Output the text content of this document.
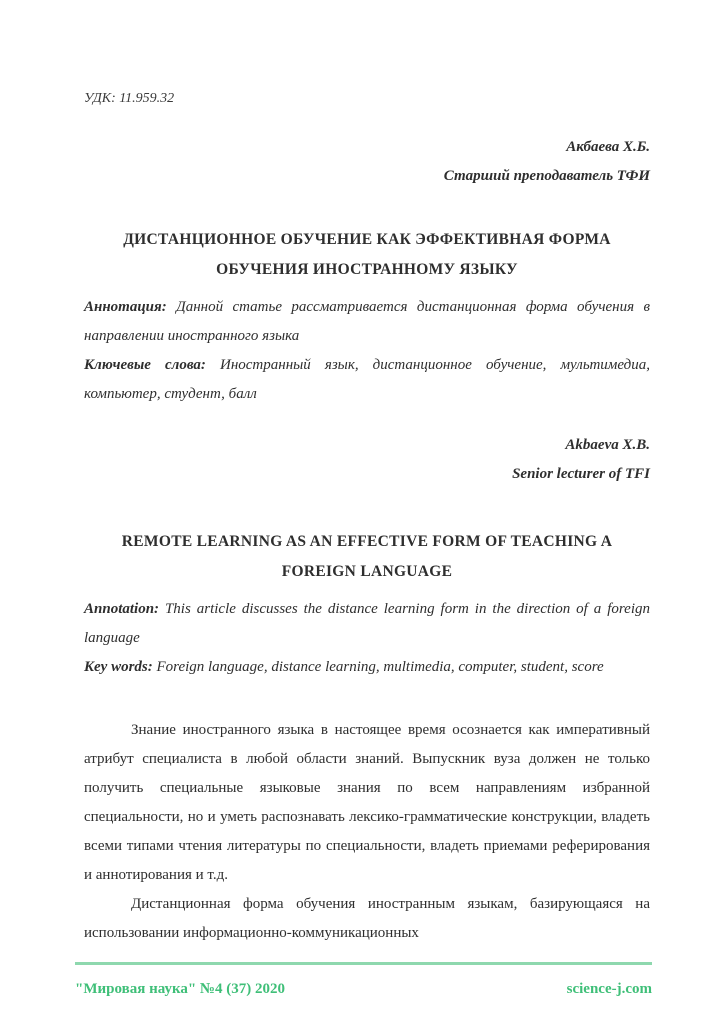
УДК: 11.959.32
Акбаева Х.Б.
Старший преподаватель ТФИ
ДИСТАНЦИОННОЕ ОБУЧЕНИЕ КАК ЭФФЕКТИВНАЯ ФОРМА ОБУЧЕНИЯ ИНОСТРАННОМУ ЯЗЫКУ

Аннотация: Данной статье рассматривается дистанционная форма обучения в направлении иностранного языка

Ключевые слова: Иностранный язык, дистанционное обучение, мультимедиа, компьютер, студент, балл

Akbaeva X.B.
Senior lecturer of TFI
REMOTE LEARNING AS AN EFFECTIVE FORM OF TEACHING A FOREIGN LANGUAGE

Annotation: This article discusses the distance learning form in the direction of a foreign language

Key words: Foreign language, distance learning, multimedia, computer, student, score

Знание иностранного языка в настоящее время осознается как императивный атрибут специалиста в любой области знаний. Выпускник вуза должен не только получить специальные языковые знания по всем направлениям избранной специальности, но и уметь распознавать лексико-грамматические конструкции, владеть всеми типами чтения литературы по специальности, владеть приемами реферирования и аннотирования и т.д.

Дистанционная форма обучения иностранным языкам, базирующаяся на использовании информационно-коммуникационных

"Мировая наука" №4 (37) 2020	science-j.com
